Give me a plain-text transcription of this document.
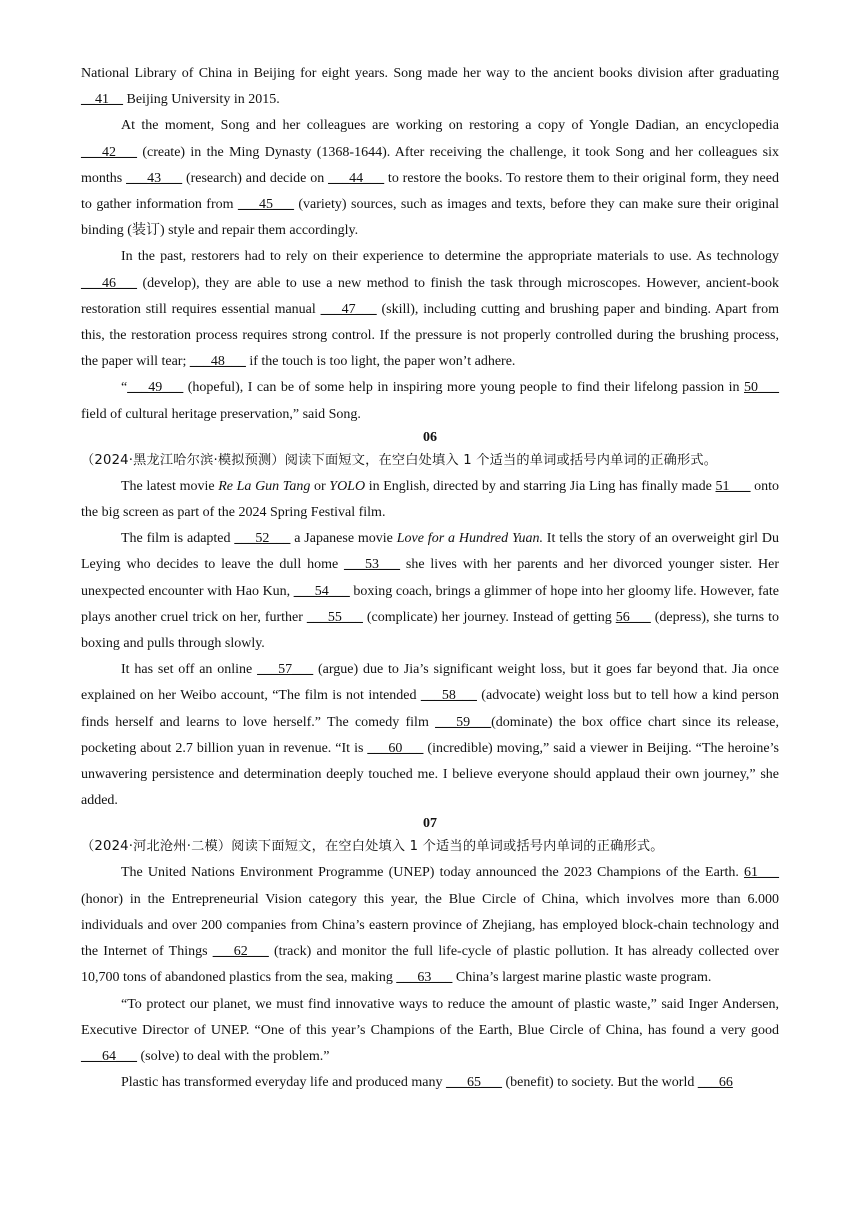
National Library of China in Beijing for eight years. Song made her way to the ancient books division after graduating __41__ Beijing University in 2015.

At the moment, Song and her colleagues are working on restoring a copy of Yongle Dadian, an encyclopedia ___42___ (create) in the Ming Dynasty (1368-1644). After receiving the challenge, it took Song and her colleagues six months ___43___ (research) and decide on ___44___ to restore the books. To restore them to their original form, they need to gather information from ___45___ (variety) sources, such as images and texts, before they can make sure their original binding (装订) style and repair them accordingly.

In the past, restorers had to rely on their experience to determine the appropriate materials to use. As technology ___46___ (develop), they are able to use a new method to finish the task through microscopes. However, ancient-book restoration still requires essential manual ___47___ (skill), including cutting and brushing paper and binding. Apart from this, the restoration process requires strong control. If the pressure is not properly controlled during the brushing process, the paper will tear; ___48___ if the touch is too light, the paper won’t adhere.

“___49___ (hopeful), I can be of some help in inspiring more young people to find their lifelong passion in 50___ field of cultural heritage preservation,” said Song.

06

（2024·黑龙江哈尔滨·模拟预测）阅读下面短文，在空白处填入 1 个适当的单词或括号内单词的正确形式。

The latest movie Re La Gun Tang or YOLO in English, directed by and starring Jia Ling has finally made 51___ onto the big screen as part of the 2024 Spring Festival film.

The film is adapted ___52___ a Japanese movie Love for a Hundred Yuan. It tells the story of an overweight girl Du Leying who decides to leave the dull home ___53___ she lives with her parents and her divorced younger sister. Her unexpected encounter with Hao Kun, ___54___ boxing coach, brings a glimmer of hope into her gloomy life. However, fate plays another cruel trick on her, further ___55___ (complicate) her journey. Instead of getting 56___ (depress), she turns to boxing and pulls through slowly.

It has set off an online ___57___ (argue) due to Jia’s significant weight loss, but it goes far beyond that. Jia once explained on her Weibo account, “The film is not intended ___58___ (advocate) weight loss but to tell how a kind person finds herself and learns to love herself.” The comedy film ___59___(dominate) the box office chart since its release, pocketing about 2.7 billion yuan in revenue. “It is ___60___ (incredible) moving,” said a viewer in Beijing. “The heroine’s unwavering persistence and determination deeply touched me. I believe everyone should applaud their own journey,” she added.

07

（2024·河北沧州·二模）阅读下面短文，在空白处填入 1 个适当的单词或括号内单词的正确形式。

The United Nations Environment Programme (UNEP) today announced the 2023 Champions of the Earth. 61___ (honor) in the Entrepreneurial Vision category this year, the Blue Circle of China, which involves more than 6.000 individuals and over 200 companies from China’s eastern province of Zhejiang, has employed block-chain technology and the Internet of Things ___62___ (track) and monitor the full life-cycle of plastic pollution. It has already collected over 10,700 tons of abandoned plastics from the sea, making ___63___ China’s largest marine plastic waste program.

“To protect our planet, we must find innovative ways to reduce the amount of plastic waste,” said Inger Andersen, Executive Director of UNEP. “One of this year’s Champions of the Earth, Blue Circle of China, has found a very good ___64___ (solve) to deal with the problem.”

Plastic has transformed everyday life and produced many ___65___ (benefit) to society. But the world ___66
